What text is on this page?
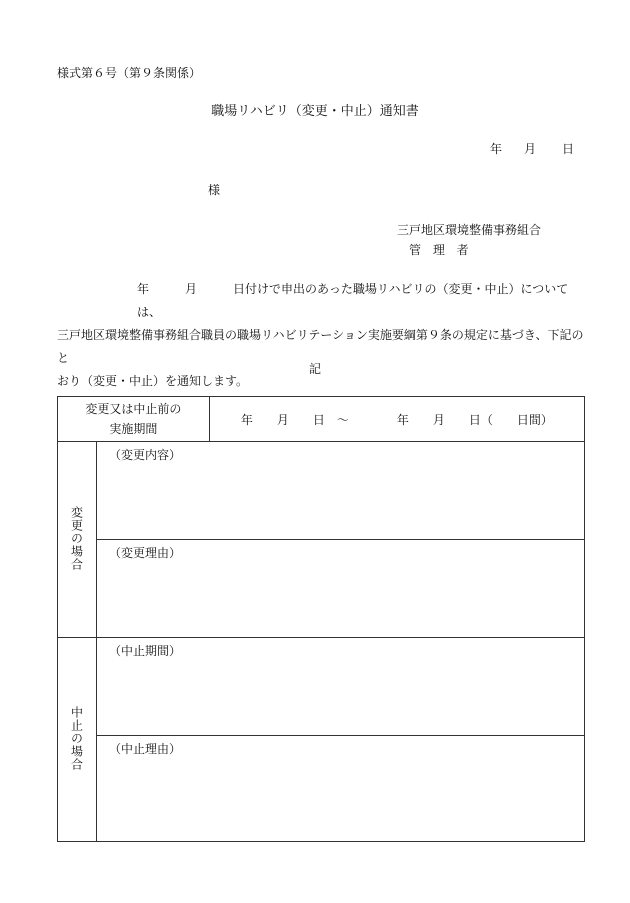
様式第６号（第９条関係）
職場リハビリ（変更・中止）通知書
年 月 日
様
三戸地区環境整備事務組合
管 理 者
年　　　月　　　日付けで申出のあった職場リハビリの（変更・中止）については、
三戸地区環境整備事務組合職員の職場リハビリテーション実施要綱第９条の規定に基づき、下記のと
おり（変更・中止）を通知します。
記
変更又は中止前の
実施期間		年　　月　　日　～　　　　年　　月　　日（　　日間）
変更の場合	（変更内容）	
	（変更理由）	
中止の場合	（中止期間）	
	（中止理由）	
